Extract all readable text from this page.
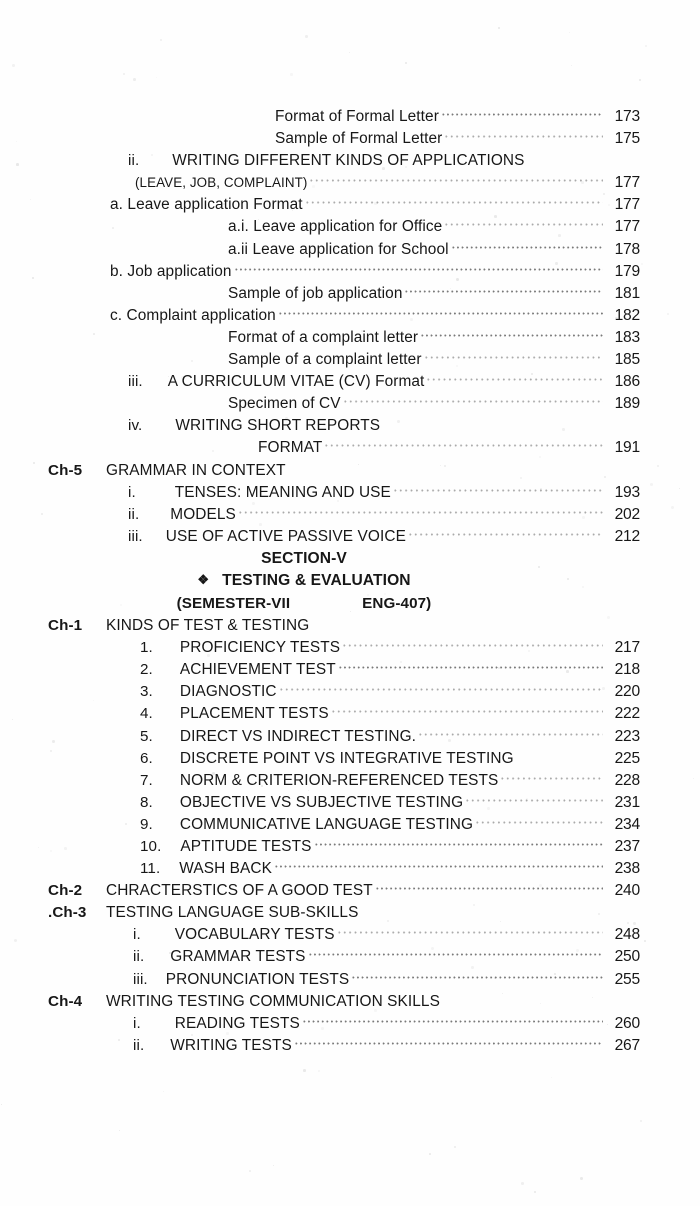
Format of Formal Letter	173
Sample of Formal Letter	175
ii. WRITING DIFFERENT KINDS OF APPLICATIONS
(LEAVE, JOB, COMPLAINT)	177
a. Leave application Format	177
a.i. Leave application for Office	177
a.ii Leave application for School	178
b. Job application	179
Sample of job application	181
c. Complaint application	182
Format of a complaint letter	183
Sample of a complaint letter	185
iii. A CURRICULUM VITAE (CV) Format	186
Specimen of CV	189
iv. WRITING SHORT REPORTS
FORMAT	191
Ch-5	GRAMMAR IN CONTEXT
i.	TENSES: MEANING AND USE	193
ii. MODELS	202
iii. USE OF ACTIVE PASSIVE VOICE	212
SECTION-V
❖ TESTING & EVALUATION
(SEMESTER-VII	ENG-407)
Ch-1	KINDS OF TEST & TESTING
1. PROFICIENCY TESTS	217
2. ACHIEVEMENT TEST	218
3. DIAGNOSTIC	220
4. PLACEMENT TESTS	222
5. DIRECT VS INDIRECT TESTING.	223
6. DISCRETE POINT VS INTEGRATIVE TESTING	225
7. NORM & CRITERION-REFERENCED TESTS	228
8. OBJECTIVE VS SUBJECTIVE TESTING	231
9. COMMUNICATIVE LANGUAGE TESTING	234
10. APTITUDE TESTS	237
11. WASH BACK	238
Ch-2	CHRACTERSTICS OF A GOOD TEST	240
.Ch-3	TESTING LANGUAGE SUB-SKILLS
i. VOCABULARY TESTS	248
ii. GRAMMAR TESTS	250
iii. PRONUNCIATION TESTS	255
Ch-4	WRITING TESTING COMMUNICATION SKILLS
i. READING TESTS	260
ii. WRITING TESTS	267
